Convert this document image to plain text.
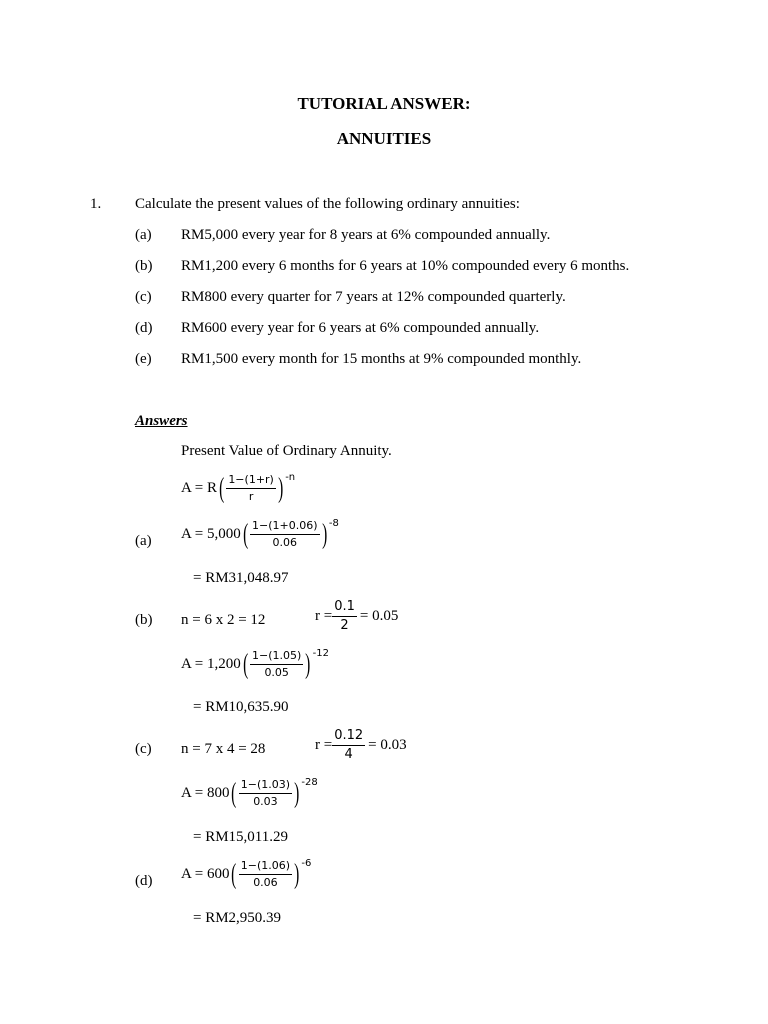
TUTORIAL ANSWER:
ANNUITIES
1. Calculate the present values of the following ordinary annuities:
(a) RM5,000 every year for 8 years at 6% compounded annually.
(b) RM1,200 every 6 months for 6 years at 10% compounded every 6 months.
(c) RM800 every quarter for 7 years at 12% compounded quarterly.
(d) RM600 every year for 6 years at 6% compounded annually.
(e) RM1,500 every month for 15 months at 9% compounded monthly.
Answers
Present Value of Ordinary Annuity.
A = R ( $\frac{1-(1+r)}{r}$ ) -n
(a) A = 5,000 ( $\frac{1-(1+0.06)}{0.06}$ ) -8
= RM31,048.97
(b) n = 6 x 2 = 12	$r = \frac{0.1}{2} = 0.05$
A = 1,200 ( $\frac{1-(1.05)}{0.05}$ ) -12
= RM10,635.90
(c) n = 7 x 4 = 28	$r = \frac{0.12}{4} = 0.03$
A = 800 ( $\frac{1-(1.03)}{0.03}$ ) -28
= RM15,011.29
(d) A = 600 ( $\frac{1-(1.06)}{0.06}$ ) -6
= RM2,950.39
